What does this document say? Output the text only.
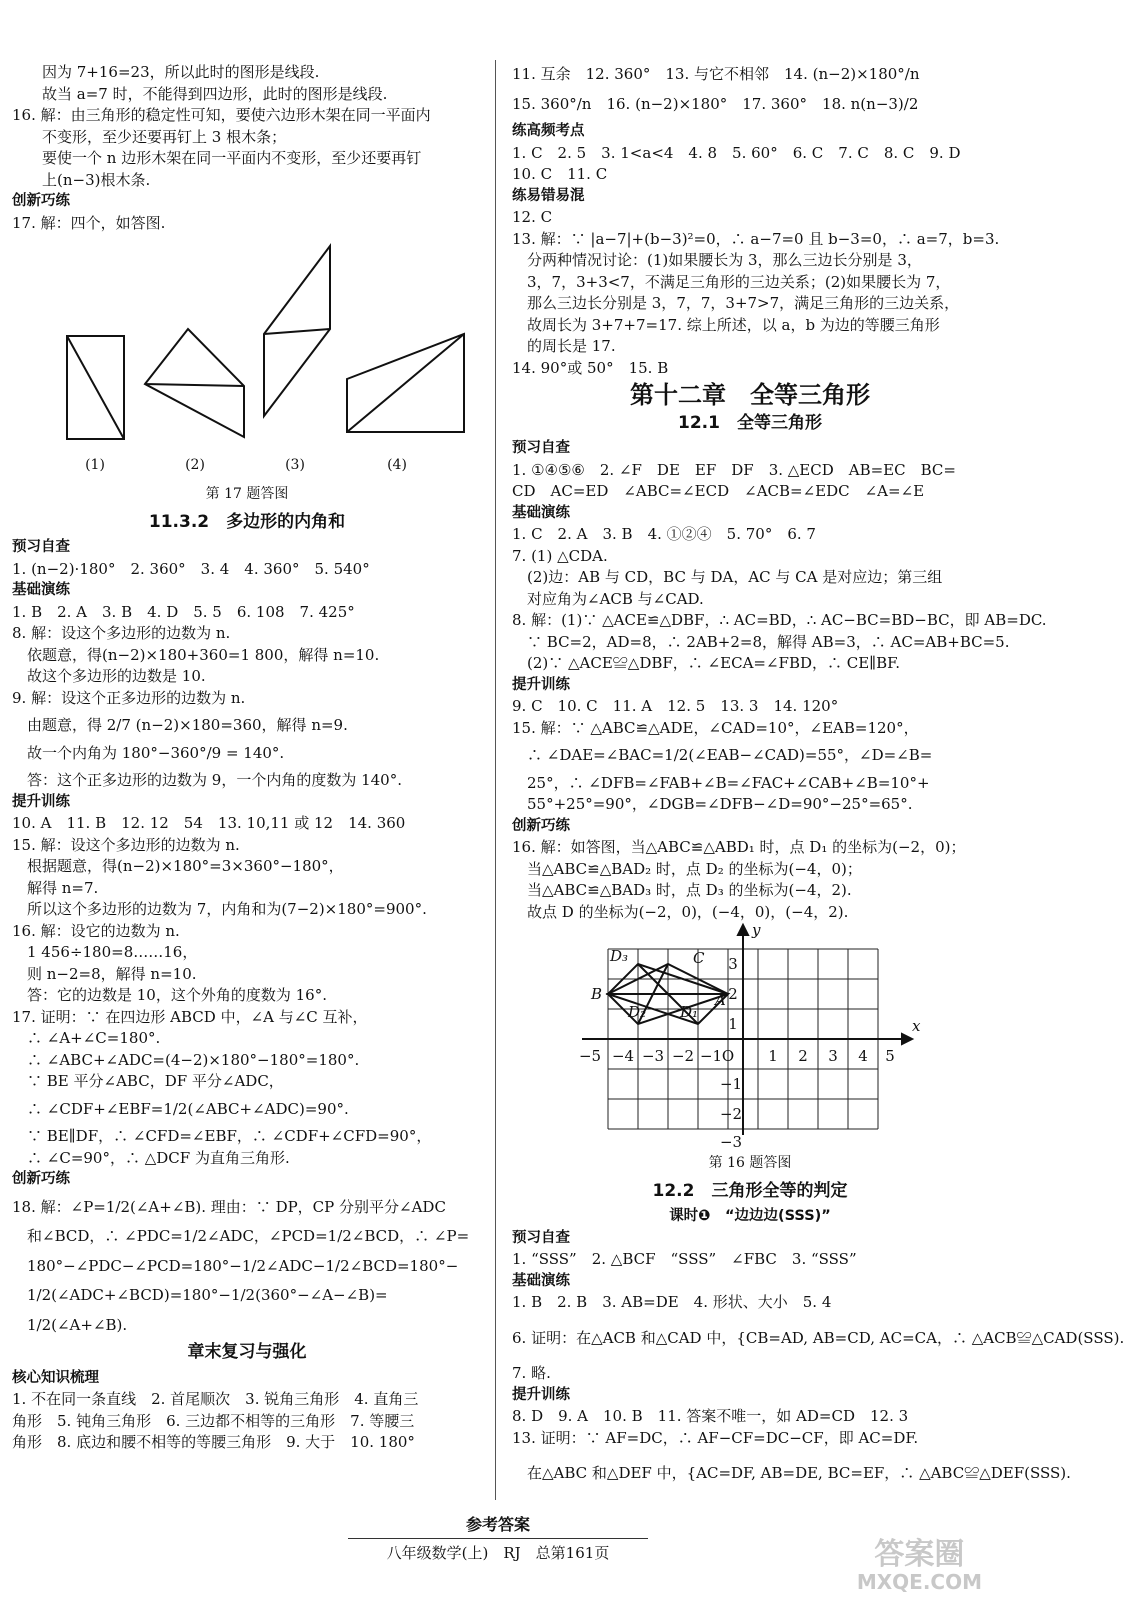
　　因为 7+16=23，所以此时的图形是线段.
　　故当 a=7 时，不能得到四边形，此时的图形是线段.
16. 解：由三角形的稳定性可知，要使六边形木架在同一平面内
　　不变形，至少还要再钉上 3 根木条；
　　要使一个 n 边形木架在同一平面内不变形，至少还要再钉
　　上(n−3)根木条.
创新巧练
17. 解：四个，如答图.
(1)	(2)	(3)	(4)
第 17 题答图
11.3.2　多边形的内角和
预习自查
1. (n−2)·180°　2. 360°　3. 4　4. 360°　5. 540°
基础演练
1. B　2. A　3. B　4. D　5. 5　6. 108　7. 425°
8. 解：设这个多边形的边数为 n.
　依题意，得(n−2)×180+360=1 800，解得 n=10.
　故这个多边形的边数是 10.
9. 解：设这个正多边形的边数为 n.
　由题意，得 2/7 (n−2)×180=360，解得 n=9.
　故一个内角为 180°−360°/9 = 140°.
　答：这个正多边形的边数为 9，一个内角的度数为 140°.
提升训练
10. A　11. B　12. 12　54　13. 10,11 或 12　14. 360
15. 解：设这个多边形的边数为 n.
　根据题意，得(n−2)×180°=3×360°−180°，
　解得 n=7.
　所以这个多边形的边数为 7，内角和为(7−2)×180°=900°.
16. 解：设它的边数为 n.
　1 456÷180=8……16，
　则 n−2=8，解得 n=10.
　答：它的边数是 10，这个外角的度数为 16°.
17. 证明：∵ 在四边形 ABCD 中，∠A 与∠C 互补，
　∴ ∠A+∠C=180°.
　∴ ∠ABC+∠ADC=(4−2)×180°−180°=180°.
　∵ BE 平分∠ABC，DF 平分∠ADC，
　∴ ∠CDF+∠EBF=1/2(∠ABC+∠ADC)=90°.
　∵ BE∥DF，∴ ∠CFD=∠EBF，∴ ∠CDF+∠CFD=90°，
　∴ ∠C=90°，∴ △DCF 为直角三角形.
创新巧练
18. 解：∠P=1/2(∠A+∠B). 理由：∵ DP，CP 分别平分∠ADC
　和∠BCD，∴ ∠PDC=1/2∠ADC，∠PCD=1/2∠BCD，∴ ∠P=
　180°−∠PDC−∠PCD=180°−1/2∠ADC−1/2∠BCD=180°−
　1/2(∠ADC+∠BCD)=180°−1/2(360°−∠A−∠B)=
　1/2(∠A+∠B).
章末复习与强化
核心知识梳理
1. 不在同一条直线　2. 首尾顺次　3. 锐角三角形　4. 直角三
角形　5. 钝角三角形　6. 三边都不相等的三角形　7. 等腰三
角形　8. 底边和腰不相等的等腰三角形　9. 大于　10. 180°
11. 互余　12. 360°　13. 与它不相邻　14. (n−2)×180°/n
15. 360°/n　16. (n−2)×180°　17. 360°　18. n(n−3)/2
练高频考点
1. C　2. 5　3. 1<a<4　4. 8　5. 60°　6. C　7. C　8. C　9. D
10. C　11. C
练易错易混
12. C
13. 解：∵ |a−7|+(b−3)²=0，∴ a−7=0 且 b−3=0，∴ a=7，b=3.
　分两种情况讨论：(1)如果腰长为 3，那么三边长分别是 3，
　3，7，3+3<7，不满足三角形的三边关系；(2)如果腰长为 7，
　那么三边长分别是 3，7，7，3+7>7，满足三角形的三边关系，
　故周长为 3+7+7=17. 综上所述，以 a，b 为边的等腰三角形
　的周长是 17.
14. 90°或 50°　15. B
第十二章　全等三角形
12.1　全等三角形
预习自查
1. ①④⑤⑥　2. ∠F　DE　EF　DF　3. △ECD　AB=EC　BC=
CD　AC=ED　∠ABC=∠ECD　∠ACB=∠EDC　∠A=∠E
基础演练
1. C　2. A　3. B　4. ①②④　5. 70°　6. 7
7. (1) △CDA.
　(2)边：AB 与 CD，BC 与 DA，AC 与 CA 是对应边；第三组
　对应角为∠ACB 与∠CAD.
8. 解：(1)∵ △ACE≌△DBF，∴ AC=BD，∴ AC−BC=BD−BC，即 AB=DC.
　∵ BC=2，AD=8，∴ 2AB+2=8，解得 AB=3，∴ AC=AB+BC=5.
　(2)∵ △ACE≌△DBF，∴ ∠ECA=∠FBD，∴ CE∥BF.
提升训练
9. C　10. C　11. A　12. 5　13. 3　14. 120°
15. 解：∵ △ABC≌△ADE，∠CAD=10°，∠EAB=120°，
　∴ ∠DAE=∠BAC=1/2(∠EAB−∠CAD)=55°，∠D=∠B=
　25°，∴ ∠DFB=∠FAB+∠B=∠FAC+∠CAB+∠B=10°+
　55°+25°=90°，∠DGB=∠DFB−∠D=90°−25°=65°.
创新巧练
16. 解：如答图，当△ABC≌△ABD₁ 时，点 D₁ 的坐标为(−2，0)；
　当△ABC≌△BAD₂ 时，点 D₂ 的坐标为(−4，0)；
　当△ABC≌△BAD₃ 时，点 D₃ 的坐标为(−4，2).
　故点 D 的坐标为(−2，0)，(−4，0)，(−4，2).
x
y
D₃	C
B	A
D₂ D₁
O
−5 −4 −3 −2 −1	1 2 3 4 5
3
2
1
−1
−2
−3
第 16 题答图
12.2　三角形全等的判定
课时❶　“边边边(SSS)”
预习自查
1. “SSS”　2. △BCF　“SSS”　∠FBC　3. “SSS”
基础演练
1. B　2. B　3. AB=DE　4. 形状、大小　5. 4
6. 证明：在△ACB 和△CAD 中，{CB=AD, AB=CD, AC=CA，∴ △ACB≌△CAD(SSS).
7. 略.
提升训练
8. D　9. A　10. B　11. 答案不唯一，如 AD=CD　12. 3
13. 证明：∵ AF=DC，∴ AF−CF=DC−CF，即 AC=DF.
　在△ABC 和△DEF 中，{AC=DF, AB=DE, BC=EF，∴ △ABC≌△DEF(SSS).
参考答案
八年级数学(上)　RJ　总第161页	答案圈
MXQE.COM
